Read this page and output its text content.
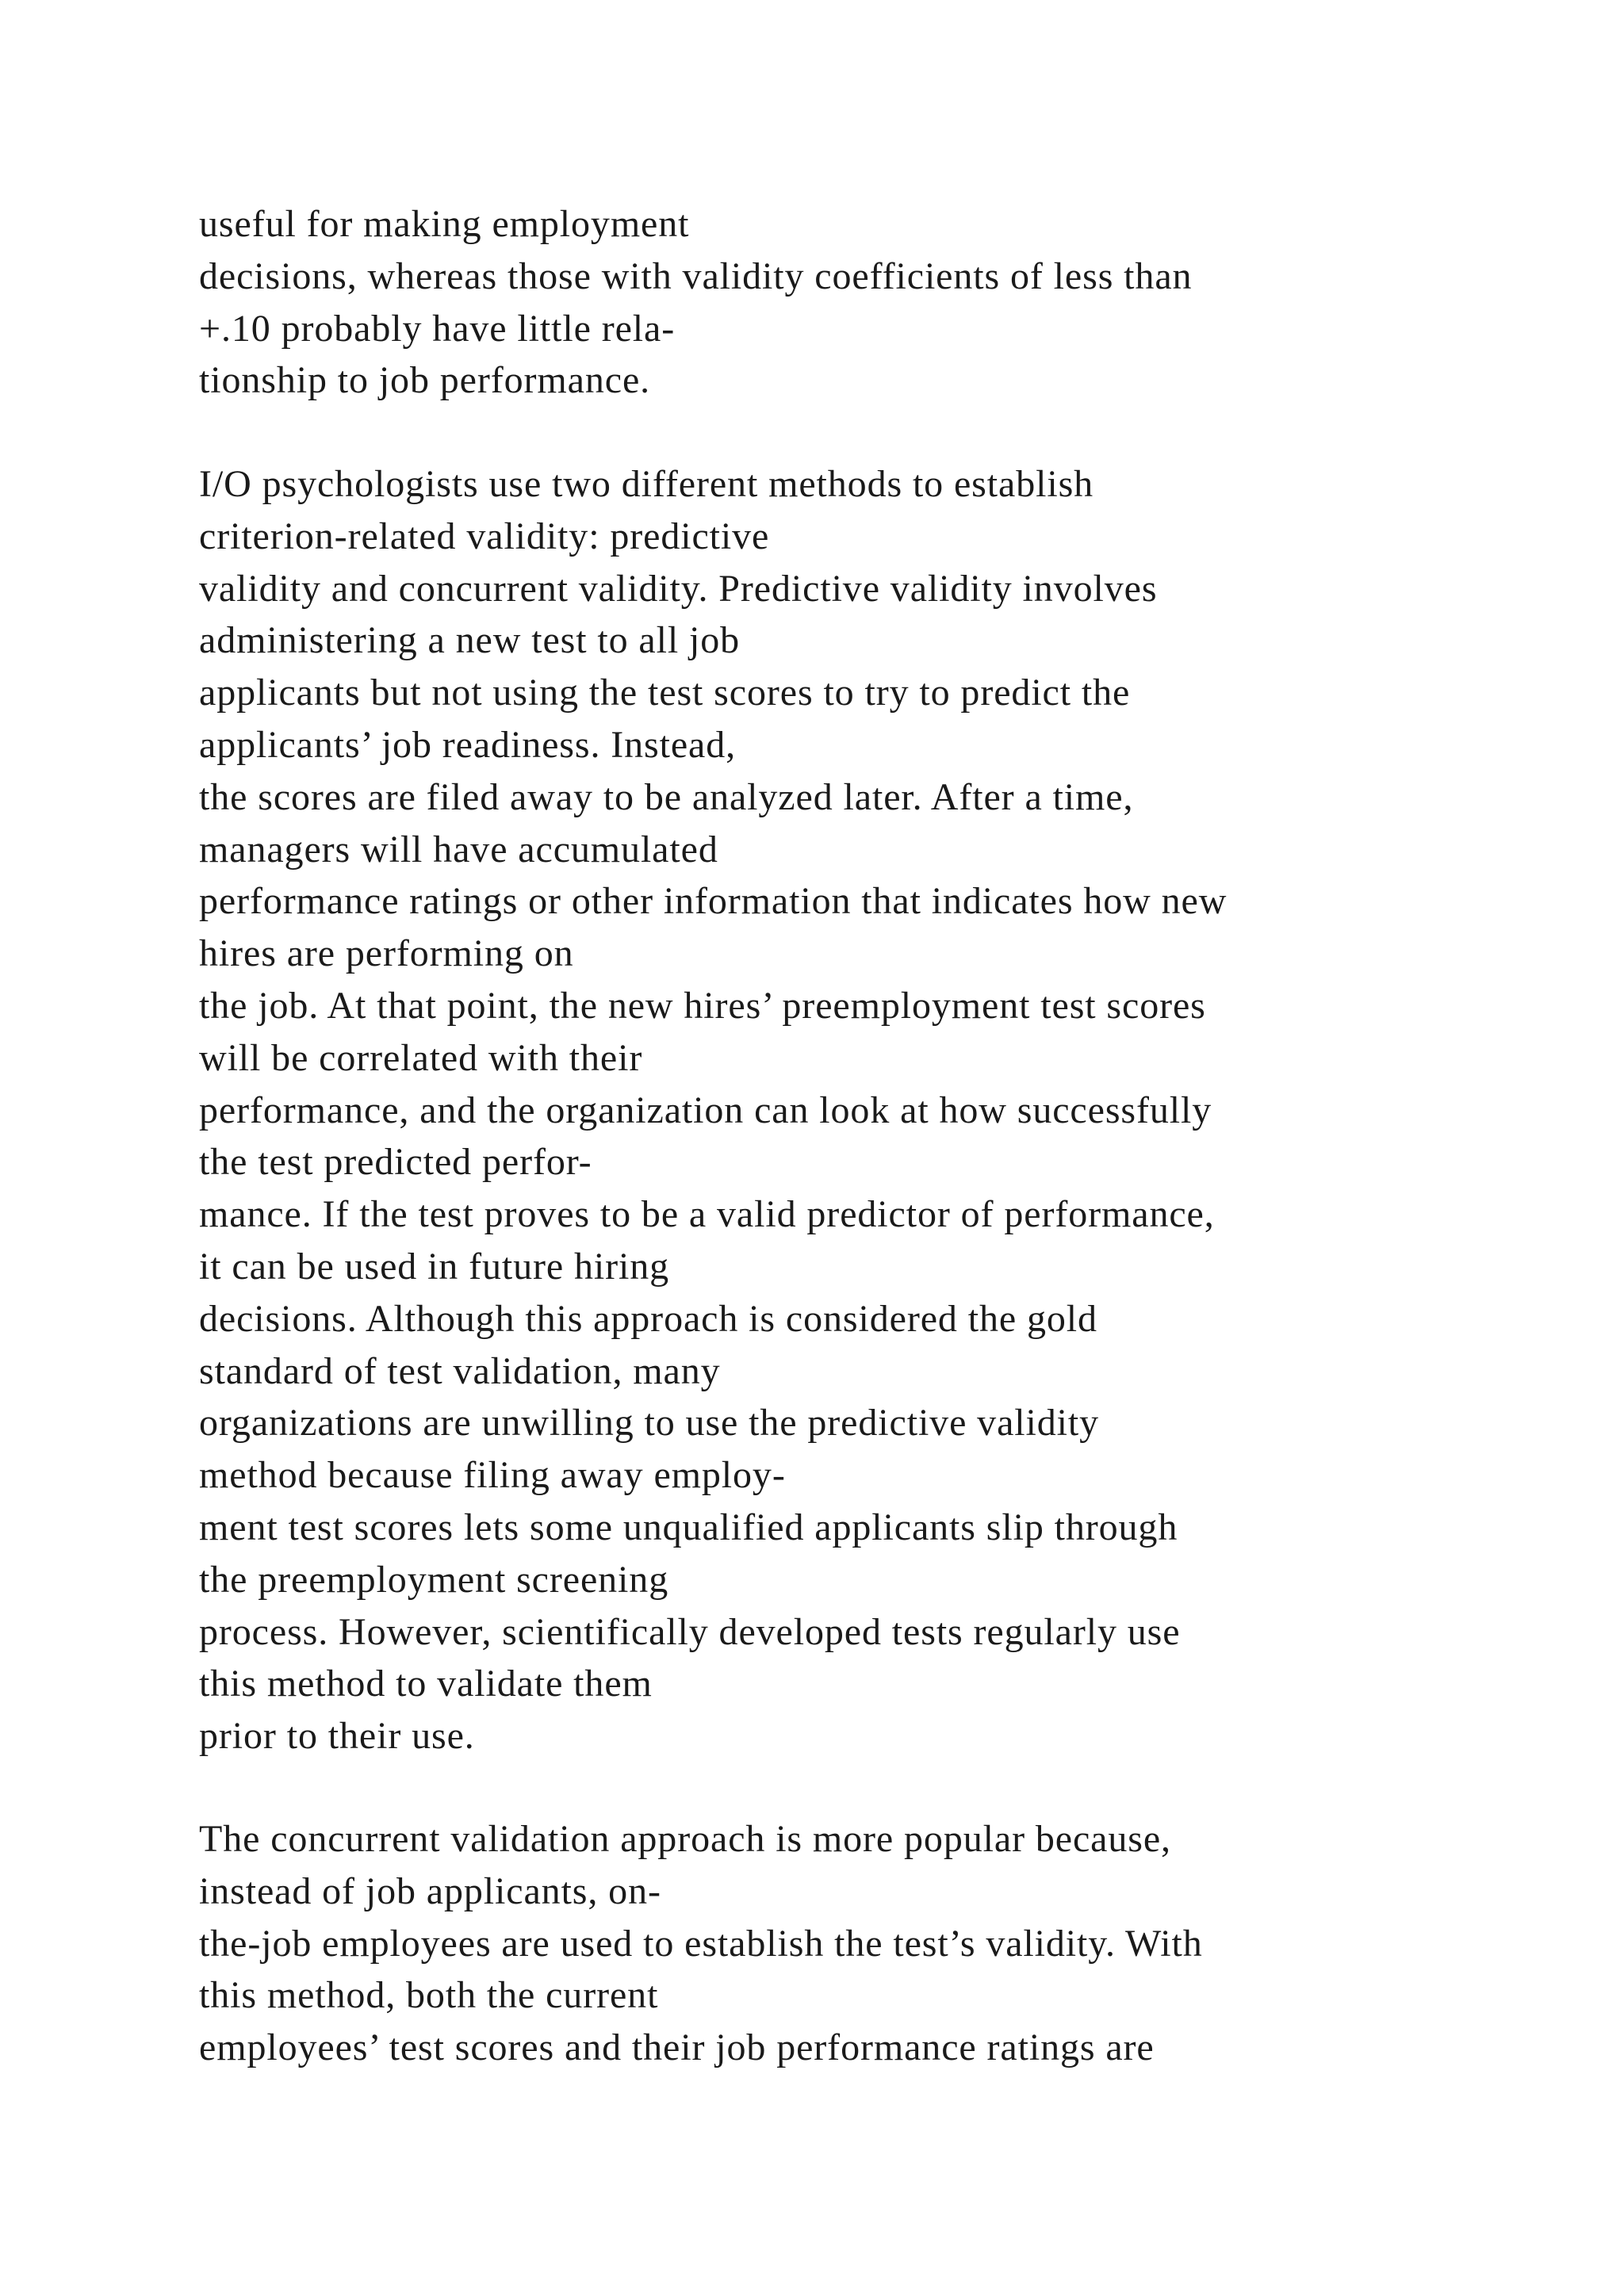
useful for making employment
decisions, whereas those with validity coefficients of less than
+.10 probably have little rela-
tionship to job performance.
I/O psychologists use two different methods to establish
criterion-related validity: predictive
validity and concurrent validity. Predictive validity involves
administering a new test to all job
applicants but not using the test scores to try to predict the
applicants’ job readiness. Instead,
the scores are filed away to be analyzed later. After a time,
managers will have accumulated
performance ratings or other information that indicates how new
hires are performing on
the job. At that point, the new hires’ preemployment test scores
will be correlated with their
performance, and the organization can look at how successfully
the test predicted perfor-
mance. If the test proves to be a valid predictor of performance,
it can be used in future hiring
decisions. Although this approach is considered the gold
standard of test validation, many
organizations are unwilling to use the predictive validity
method because filing away employ-
ment test scores lets some unqualified applicants slip through
the preemployment screening
process. However, scientifically developed tests regularly use
this method to validate them
prior to their use.
The concurrent validation approach is more popular because,
instead of job applicants, on-
the-job employees are used to establish the test’s validity. With
this method, both the current
employees’ test scores and their job performance ratings are
